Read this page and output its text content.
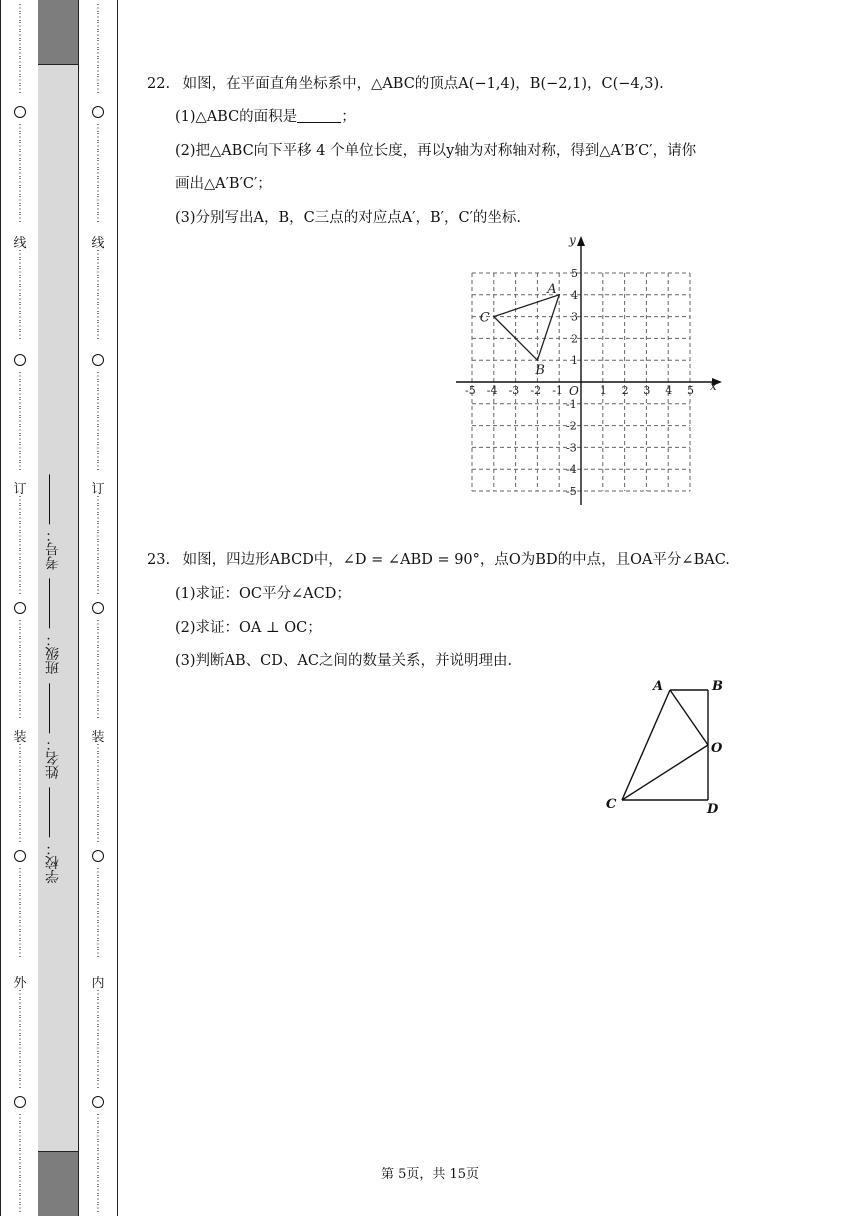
⋮
⋮
⋮
⋮
⋮
⋮
⋮
⋮
⋮
⋮
⋮
⋮
⋮
⋮
⋮
⋮
⋮
⋮
⋮
⋮
⋮
线
⋮
⋮
⋮
⋮
⋮
⋮
⋮
⋮
⋮
⋮
⋮
⋮
⋮
⋮
⋮
⋮
⋮
⋮
⋮
⋮
⋮
订
⋮
⋮
⋮
⋮
⋮
⋮
⋮
⋮
⋮
⋮
⋮
⋮
⋮
⋮
⋮
⋮
⋮
⋮
⋮
⋮
⋮
⋮
装
⋮
⋮
⋮
⋮
⋮
⋮
⋮
⋮
⋮
⋮
⋮
⋮
⋮
⋮
⋮
⋮
⋮
⋮
⋮
⋮
⋮
外
⋮
⋮
⋮
⋮
⋮
⋮
⋮
⋮
⋮
⋮
⋮
⋮
⋮
⋮
⋮
⋮
⋮
⋮
⋮
⋮
⋮
⋮
学校： 姓名： 班级： 考号：
⋮
⋮
⋮
⋮
⋮
⋮
⋮
⋮
⋮
⋮
⋮
⋮
⋮
⋮
⋮
⋮
⋮
⋮
⋮
⋮
⋮
线
⋮
⋮
⋮
⋮
⋮
⋮
⋮
⋮
⋮
⋮
⋮
⋮
⋮
⋮
⋮
⋮
⋮
⋮
⋮
⋮
⋮
订
⋮
⋮
⋮
⋮
⋮
⋮
⋮
⋮
⋮
⋮
⋮
⋮
⋮
⋮
⋮
⋮
⋮
⋮
⋮
⋮
⋮
⋮
装
⋮
⋮
⋮
⋮
⋮
⋮
⋮
⋮
⋮
⋮
⋮
⋮
⋮
⋮
⋮
⋮
⋮
⋮
⋮
⋮
⋮
内
⋮
⋮
⋮
⋮
⋮
⋮
⋮
⋮
⋮
⋮
⋮
⋮
⋮
⋮
⋮
⋮
⋮
⋮
⋮
⋮
⋮
⋮
22. 如图，在平面直角坐标系中，△ABC的顶点A(−1,4)，B(−2,1)，C(−4,3).
(1)△ABC的面积是	；
(2)把△ABC向下平移 4 个单位长度，再以y轴为对称轴对称，得到△A′B′C′，请你
画出△A′B′C′；
(3)分别写出A，B，C三点的对应点A′，B′，C′的坐标.
x
y
O
-5 -4 -3 -2 -1	1 2 3 4 5
5
4
3
2
1
-1
-2
-3
-4
-5
A
B
C
23. 如图，四边形ABCD中，∠D = ∠ABD = 90°，点O为BD的中点，且OA平分∠BAC.
(1)求证：OC平分∠ACD；
(2)求证：OA ⊥ OC；
(3)判断AB、CD、AC之间的数量关系，并说明理由.
A	B
O
C	D
第 5页，共 15页
